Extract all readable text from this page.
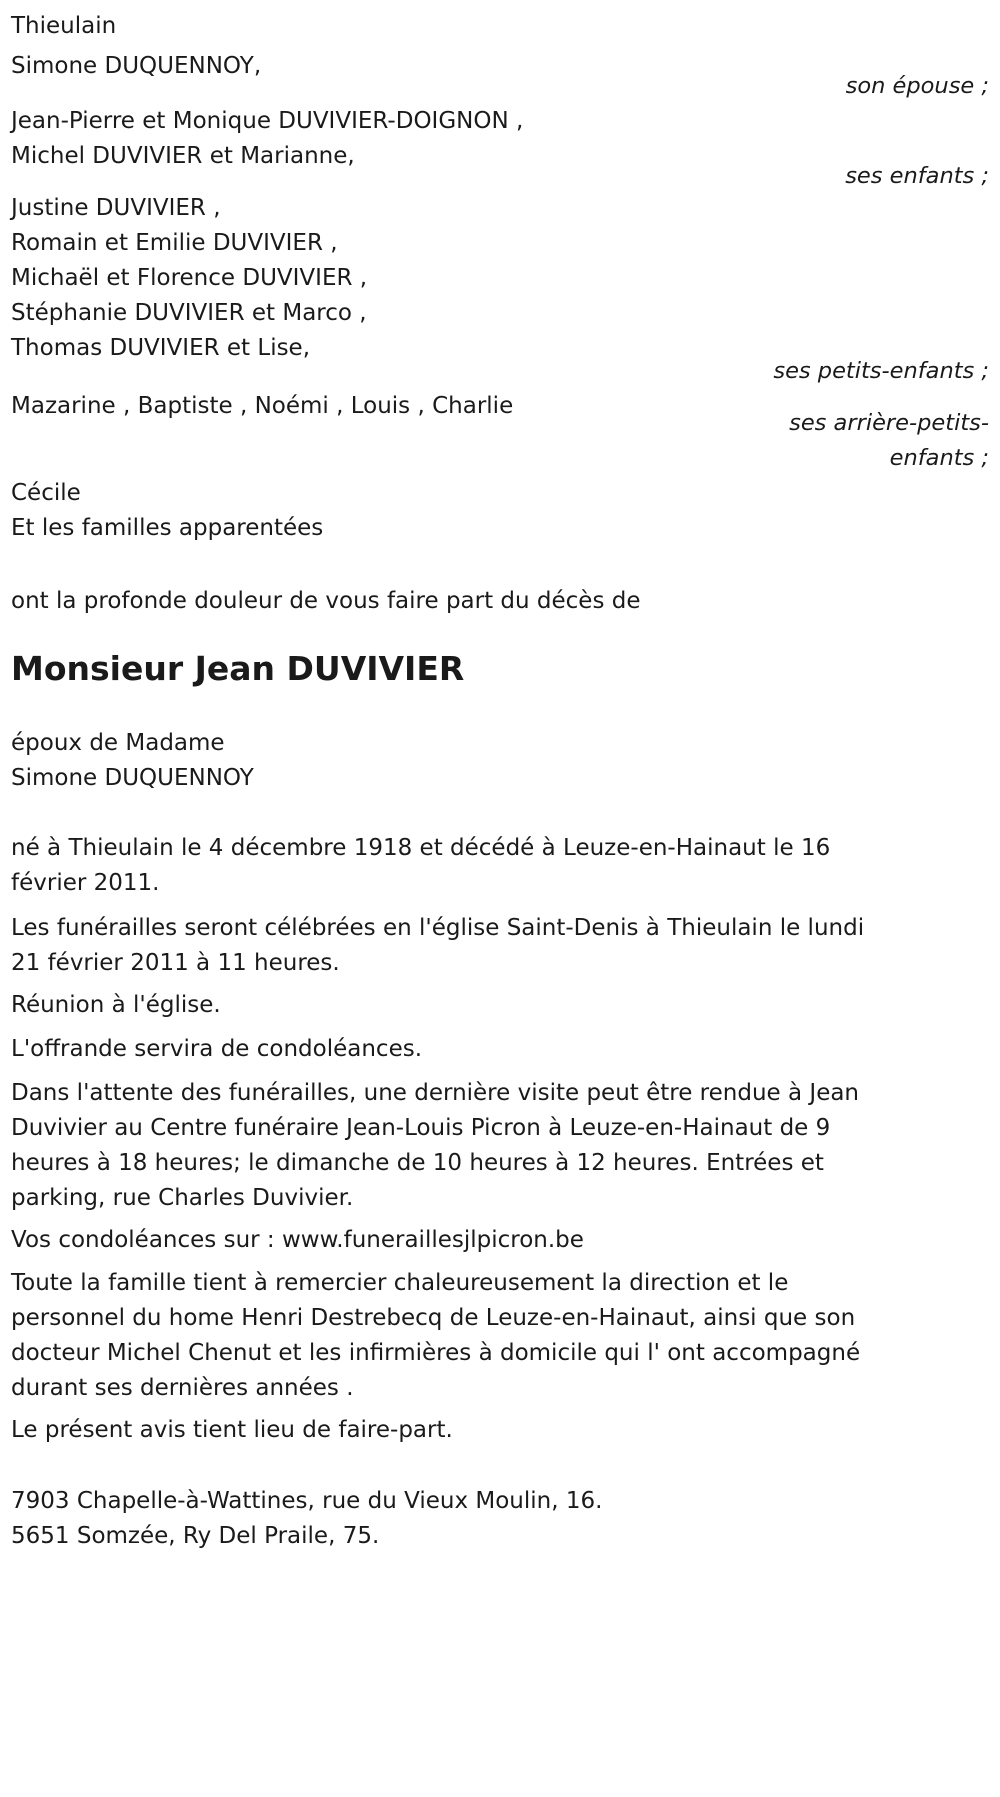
Thieulain
Simone DUQUENNOY,
son épouse ;
Jean-Pierre et Monique DUVIVIER-DOIGNON ,
Michel DUVIVIER et Marianne,
ses enfants ;
Justine DUVIVIER ,
Romain et Emilie DUVIVIER ,
Michaël et Florence DUVIVIER ,
Stéphanie DUVIVIER et Marco ,
Thomas DUVIVIER et Lise,
ses petits-enfants ;
Mazarine , Baptiste , Noémi , Louis , Charlie
ses arrière-petits-
enfants ;
Cécile
Et les familles apparentées
ont la profonde douleur de vous faire part du décès de
Monsieur Jean DUVIVIER
époux de Madame
Simone DUQUENNOY
né à Thieulain le 4 décembre 1918 et décédé à Leuze-en-Hainaut le 16 février 2011.
Les funérailles seront célébrées en l'église Saint-Denis à Thieulain le lundi 21 février 2011 à 11 heures.
Réunion à l'église.
L'offrande servira de condoléances.
Dans l'attente des funérailles, une dernière visite peut être rendue à Jean Duvivier au Centre funéraire Jean-Louis Picron à Leuze-en-Hainaut de 9 heures à 18 heures; le dimanche de 10 heures à 12 heures. Entrées et parking, rue Charles Duvivier.
Vos condoléances sur : www.funeraillesjlpicron.be
Toute la famille tient à remercier chaleureusement la direction et le personnel du home Henri Destrebecq de Leuze-en-Hainaut, ainsi que son docteur Michel Chenut et les infirmières à domicile qui l' ont accompagné durant ses dernières années .
Le présent avis tient lieu de faire-part.
7903 Chapelle-à-Wattines, rue du Vieux Moulin, 16.
5651 Somzée, Ry Del Praile, 75.
